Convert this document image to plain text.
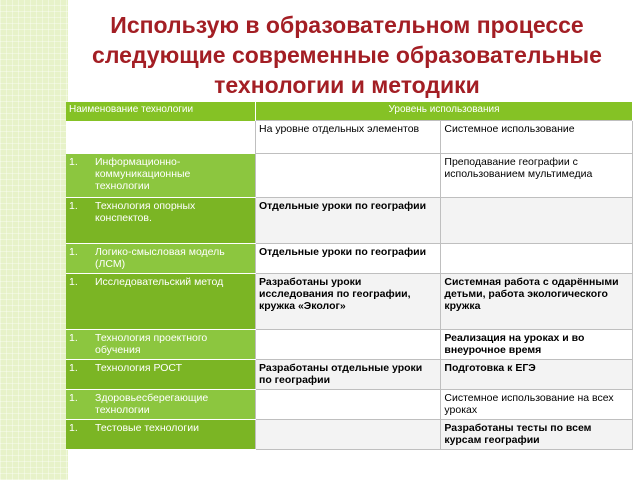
Использую в образовательном процессе следующие современные образовательные технологии и методики
Наименование технологии	Уровень использования	
	На уровне отдельных элементов	Системное использование
1. Информационно-коммуникационные технологии		Преподавание географии с использованием мультимедиа
1. Технология опорных конспектов.	Отдельные уроки по географии	
1. Логико-смысловая модель (ЛСМ)	Отдельные уроки по географии	
1. Исследовательский метод	Разработаны уроки исследования по географии, кружка «Эколог»	Системная работа с одарёнными детьми, работа экологического кружка
1. Технология проектного обучения		Реализация на уроках и во внеурочное время
1. Технология РОСТ	Разработаны отдельные уроки по географии	Подготовка к ЕГЭ
1. Здоровьесберегающие технологии		Системное использование на всех уроках
1. Тестовые технологии		Разработаны тесты по всем курсам географии
